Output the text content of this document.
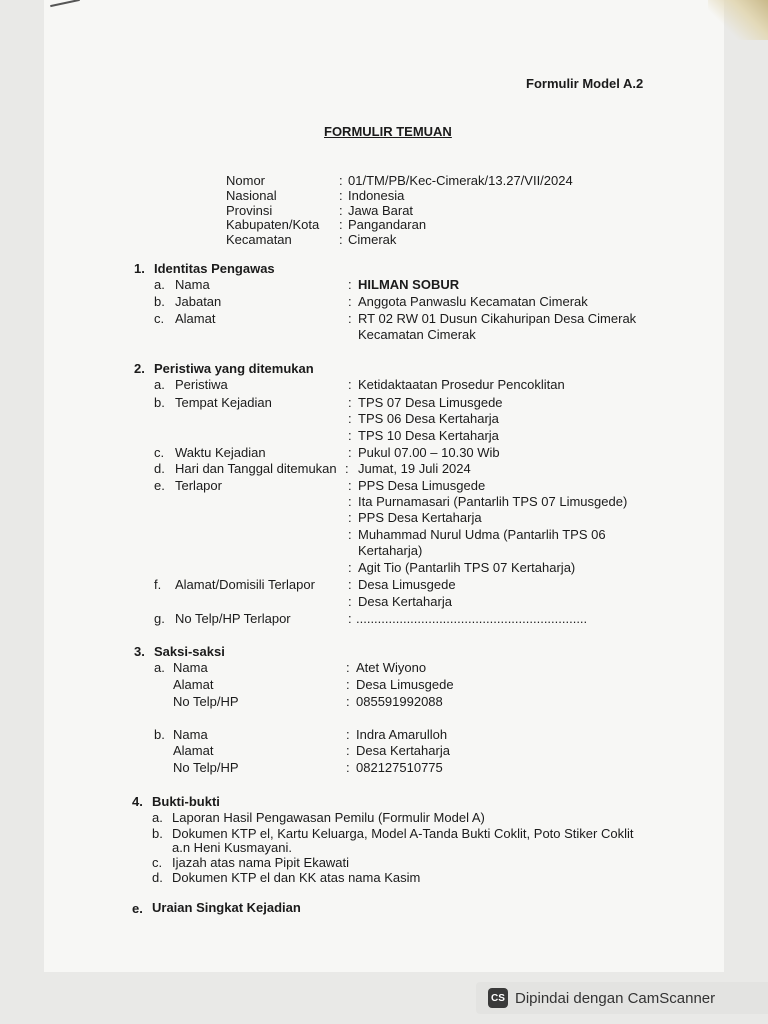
Formulir Model A.2
FORMULIR TEMUAN
Nomor	: 01/TM/PB/Kec-Cimerak/13.27/VII/2024
Nasional	: Indonesia
Provinsi	: Jawa Barat
Kabupaten/Kota : Pangandaran
Kecamatan	: Cimerak
1. Identitas Pengawas
a. Nama	: HILMAN SOBUR
b. Jabatan	: Anggota Panwaslu Kecamatan Cimerak
c. Alamat	: RT 02 RW 01 Dusun Cikahuripan Desa Cimerak
Kecamatan Cimerak
2. Peristiwa yang ditemukan
a. Peristiwa	: Ketidaktaatan Prosedur Pencoklitan
b. Tempat Kejadian	: TPS 07 Desa Limusgede
: TPS 06 Desa Kertaharja
: TPS 10 Desa Kertaharja
c. Waktu Kejadian	: Pukul 07.00 – 10.30 Wib
d. Hari dan Tanggal ditemukan : Jumat, 19 Juli 2024
e. Terlapor	: PPS Desa Limusgede
: Ita Purnamasari (Pantarlih TPS 07 Limusgede)
: PPS Desa Kertaharja
: Muhammad Nurul Udma (Pantarlih TPS 06
Kertaharja)
: Agit Tio (Pantarlih TPS 07 Kertaharja)
f. Alamat/Domisili Terlapor	: Desa Limusgede
: Desa Kertaharja
g. No Telp/HP Terlapor	: ................................................................
3. Saksi-saksi
a. Nama	: Atet Wiyono
Alamat	: Desa Limusgede
No Telp/HP	: 085591992088
b. Nama	: Indra Amarulloh
Alamat	: Desa Kertaharja
No Telp/HP	: 082127510775
4. Bukti-bukti
a. Laporan Hasil Pengawasan Pemilu (Formulir Model A)
b. Dokumen KTP el, Kartu Keluarga, Model A-Tanda Bukti Coklit, Poto Stiker Coklit
a.n Heni Kusmayani.
c. Ijazah atas nama Pipit Ekawati
d. Dokumen KTP el dan KK atas nama Kasim
e. Uraian Singkat Kejadian
CS Dipindai dengan CamScanner
